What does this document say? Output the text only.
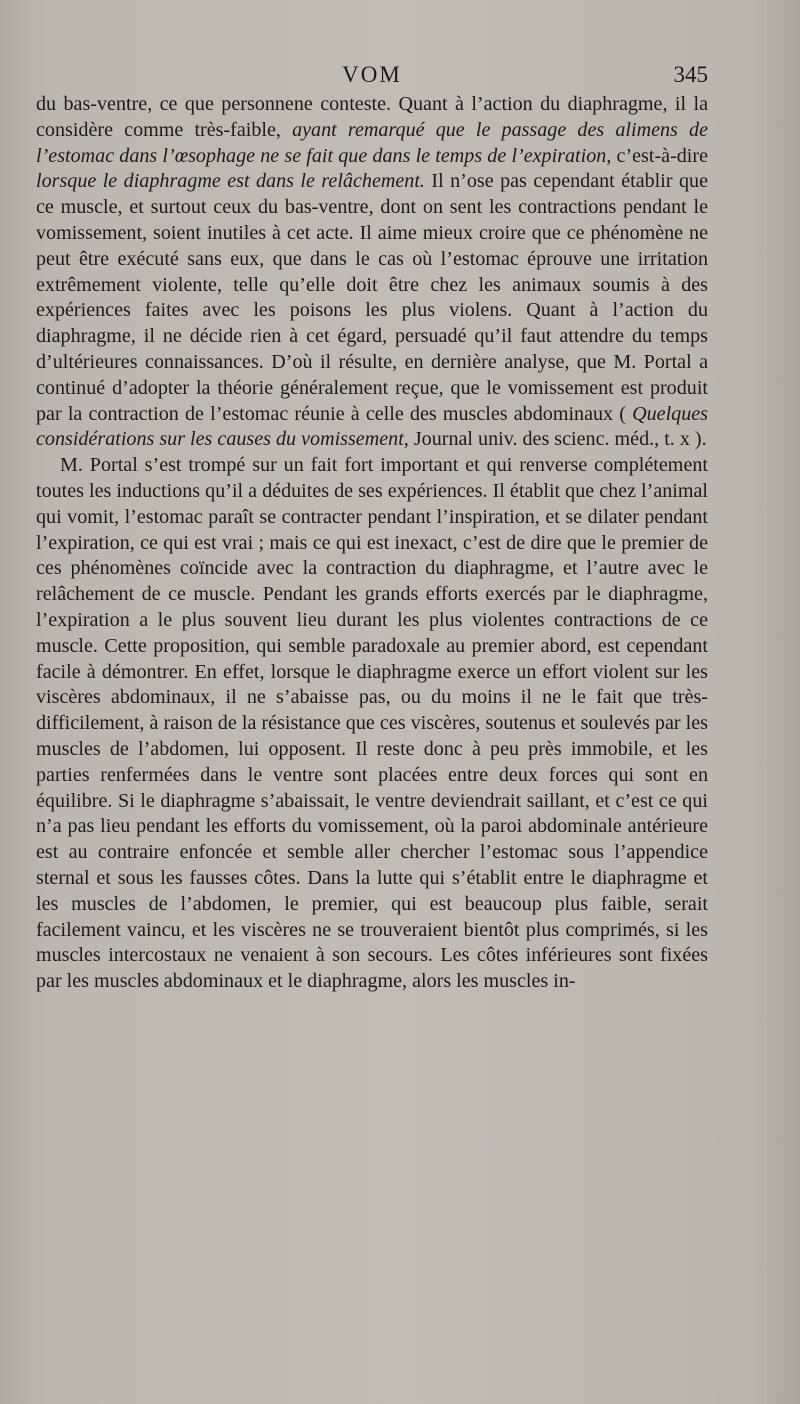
VOM	345

du bas-ventre, ce que personnene conteste. Quant à l’action du diaphragme, il la considère comme très-faible, ayant remarqué que le passage des alimens de l’estomac dans l’œsophage ne se fait que dans le temps de l’expiration, c’est-à-dire lorsque le diaphragme est dans le relâchement. Il n’ose pas cependant établir que ce muscle, et surtout ceux du bas-ventre, dont on sent les contractions pendant le vomissement, soient inutiles à cet acte. Il aime mieux croire que ce phénomène ne peut être exécuté sans eux, que dans le cas où l’estomac éprouve une irritation extrêmement violente, telle qu’elle doit être chez les animaux soumis à des expériences faites avec les poisons les plus violens. Quant à l’action du diaphragme, il ne décide rien à cet égard, persuadé qu’il faut attendre du temps d’ultérieures connaissances. D’où il résulte, en dernière analyse, que M. Portal a continué d’adopter la théorie généralement reçue, que le vomissement est produit par la contraction de l’estomac réunie à celle des muscles abdominaux ( Quelques considérations sur les causes du vomissement, Journal univ. des scienc. méd., t. x ).

M. Portal s’est trompé sur un fait fort important et qui renverse complétement toutes les inductions qu’il a déduites de ses expériences. Il établit que chez l’animal qui vomit, l’estomac paraît se contracter pendant l’inspiration, et se dilater pendant l’expiration, ce qui est vrai ; mais ce qui est inexact, c’est de dire que le premier de ces phénomènes coïncide avec la contraction du diaphragme, et l’autre avec le relâchement de ce muscle. Pendant les grands efforts exercés par le diaphragme, l’expiration a le plus souvent lieu durant les plus violentes contractions de ce muscle. Cette proposition, qui semble paradoxale au premier abord, est cependant facile à démontrer. En effet, lorsque le diaphragme exerce un effort violent sur les viscères abdominaux, il ne s’abaisse pas, ou du moins il ne le fait que très-difficilement, à raison de la résistance que ces viscères, soutenus et soulevés par les muscles de l’abdomen, lui opposent. Il reste donc à peu près immobile, et les parties renfermées dans le ventre sont placées entre deux forces qui sont en équilibre. Si le diaphragme s’abaissait, le ventre deviendrait saillant, et c’est ce qui n’a pas lieu pendant les efforts du vomissement, où la paroi abdominale antérieure est au contraire enfoncée et semble aller chercher l’estomac sous l’appendice sternal et sous les fausses côtes. Dans la lutte qui s’établit entre le diaphragme et les muscles de l’abdomen, le premier, qui est beaucoup plus faible, serait facilement vaincu, et les viscères ne se trouveraient bientôt plus comprimés, si les muscles intercostaux ne venaient à son secours. Les côtes inférieures sont fixées par les muscles abdominaux et le diaphragme, alors les muscles in-
